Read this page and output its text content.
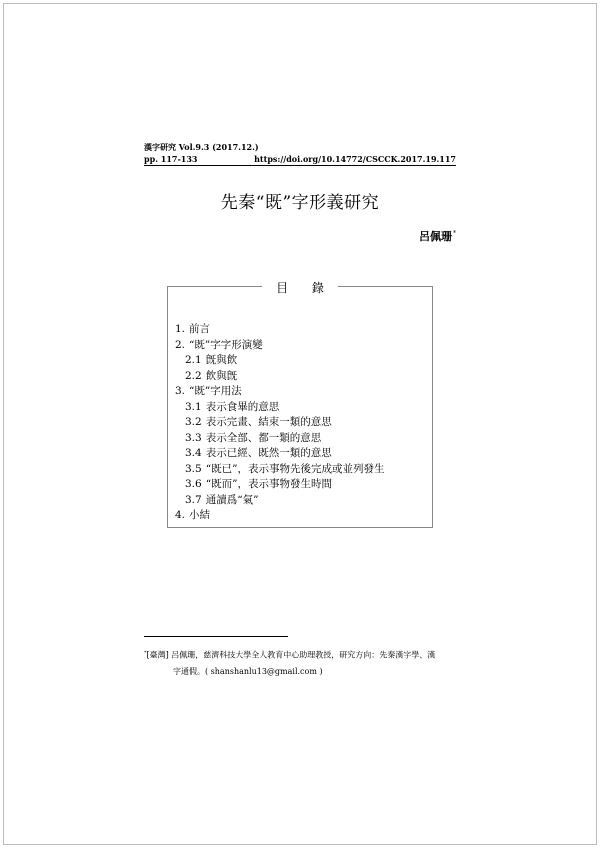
漢字研究 Vol.9.3 (2017.12.)
pp. 117-133	https://doi.org/10.14772/CSCCK.2017.19.117
先秦“既”字形義研究
呂佩珊*
目 錄
1. 前言
2. “既”字字形演變
2.1 旣與飲
2.2 飲與旣
3. “既”字用法
3.1 表示食畢的意思
3.2 表示完畫、結束一類的意思
3.3 表示全部、都一類的意思
3.4 表示已經、既然一類的意思
3.5 “既已”，表示事物先後完成或並列發生
3.6 “既而”，表示事物發生時間
3.7 通讀爲“氣”
4. 小結
*[臺灣] 呂佩珊，慈濟科技大學全人教育中心助理教授，研究方向：先秦漢字學、漢
字通假。( shanshanlu13@gmail.com )
